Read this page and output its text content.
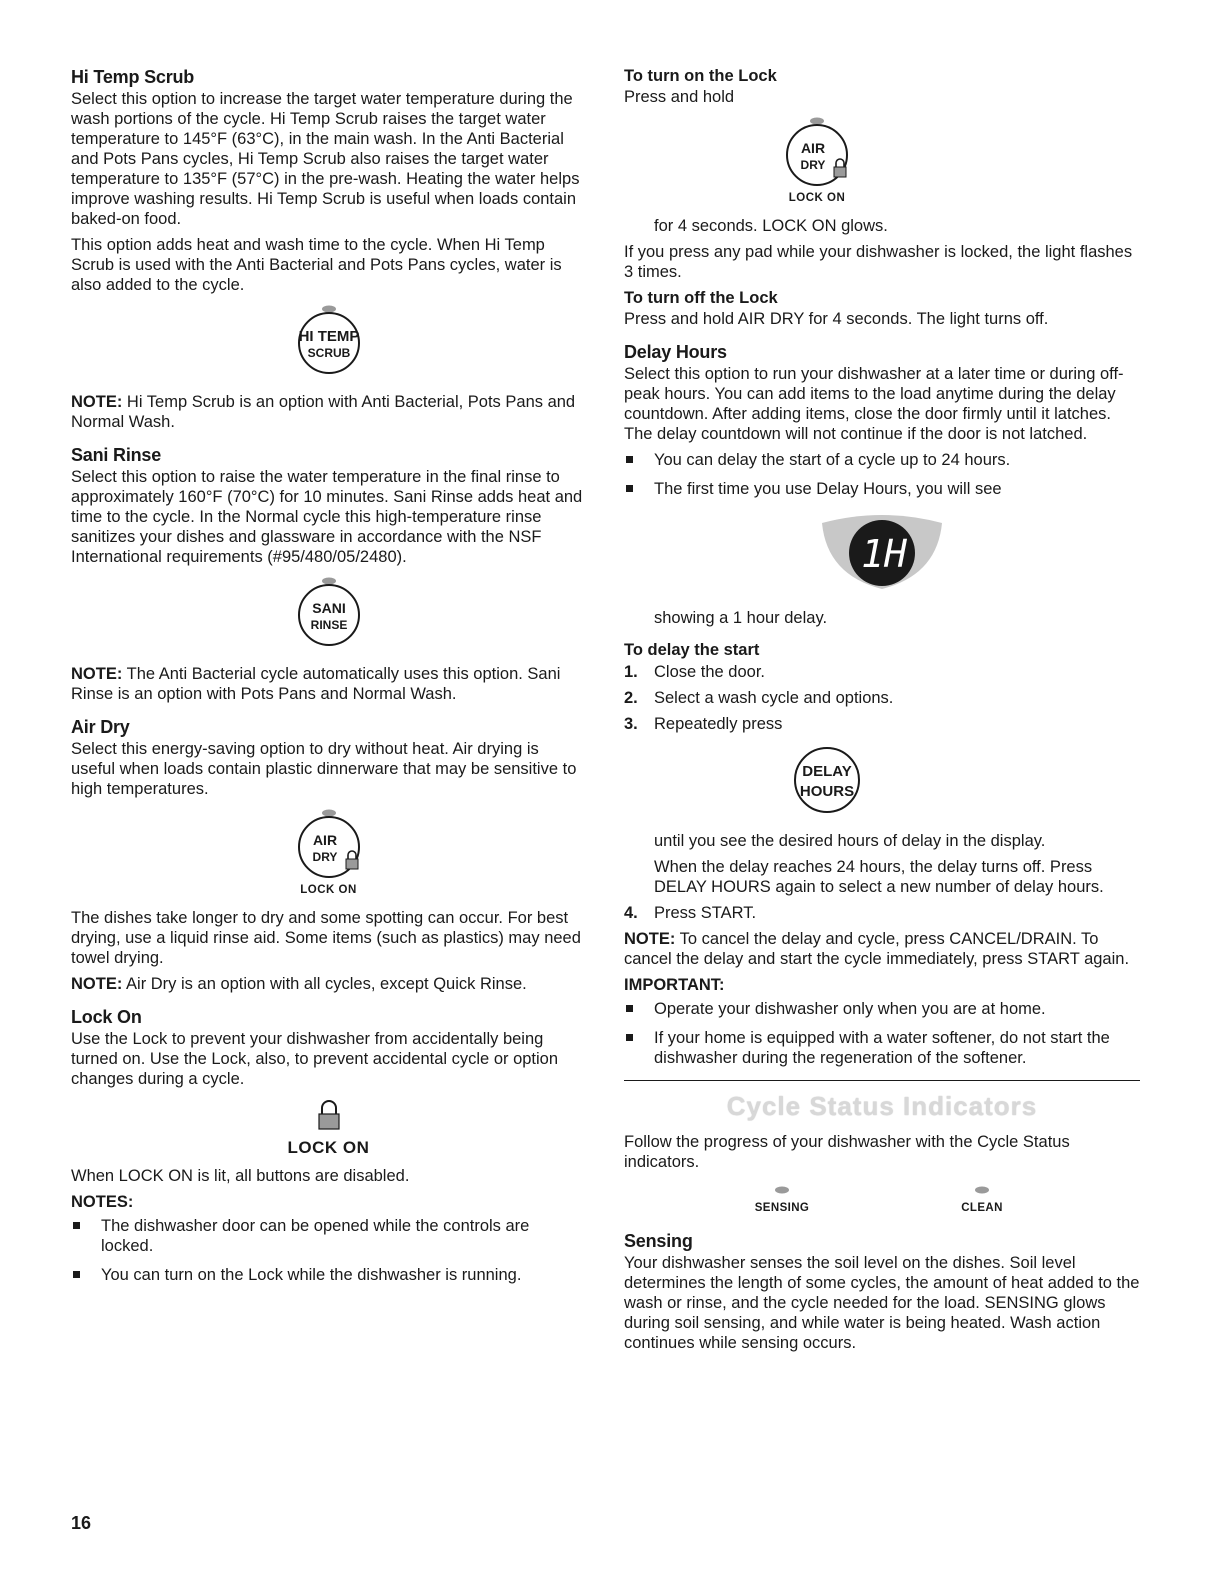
Hi Temp Scrub

Select this option to increase the target water temperature during the wash portions of the cycle. Hi Temp Scrub raises the target water temperature to 145°F (63°C), in the main wash. In the Anti Bacterial and Pots Pans cycles, Hi Temp Scrub also raises the target water temperature to 135°F (57°C) in the pre-wash. Heating the water helps improve washing results. Hi Temp Scrub is useful when loads contain baked-on food.

This option adds heat and wash time to the cycle. When Hi Temp Scrub is used with the Anti Bacterial and Pots Pans cycles, water is also added to the cycle.

HI TEMP
SCRUB

NOTE: Hi Temp Scrub is an option with Anti Bacterial, Pots Pans and Normal Wash.

Sani Rinse

Select this option to raise the water temperature in the final rinse to approximately 160°F (70°C) for 10 minutes. Sani Rinse adds heat and time to the cycle. In the Normal cycle this high-temperature rinse sanitizes your dishes and glassware in accordance with the NSF International requirements (#95/480/05/2480).

SANI
RINSE

NOTE: The Anti Bacterial cycle automatically uses this option. Sani Rinse is an option with Pots Pans and Normal Wash.

Air Dry

Select this energy-saving option to dry without heat. Air drying is useful when loads contain plastic dinnerware that may be sensitive to high temperatures.

AIR
DRY
LOCK ON

The dishes take longer to dry and some spotting can occur. For best drying, use a liquid rinse aid. Some items (such as plastics) may need towel drying.

NOTE: Air Dry is an option with all cycles, except Quick Rinse.

Lock On

Use the Lock to prevent your dishwasher from accidentally being turned on. Use the Lock, also, to prevent accidental cycle or option changes during a cycle.

LOCK ON

When LOCK ON is lit, all buttons are disabled.

NOTES:
The dishwasher door can be opened while the controls are locked.
You can turn on the Lock while the dishwasher is running.
To turn on the Lock

Press and hold

AIR
DRY
LOCK ON

for 4 seconds. LOCK ON glows.

If you press any pad while your dishwasher is locked, the light flashes 3 times.

To turn off the Lock

Press and hold AIR DRY for 4 seconds. The light turns off.

Delay Hours

Select this option to run your dishwasher at a later time or during off-peak hours. You can add items to the load anytime during the delay countdown. After adding items, close the door firmly until it latches. The delay countdown will not continue if the door is not latched.

You can delay the start of a cycle up to 24 hours.
The first time you use Delay Hours, you will see
1H

showing a 1 hour delay.

To delay the start
1. Close the door.
2. Select a wash cycle and options.
3. Repeatedly press
DELAY
HOURS

until you see the desired hours of delay in the display.

When the delay reaches 24 hours, the delay turns off. Press DELAY HOURS again to select a new number of delay hours.

4. Press START.

NOTE: To cancel the delay and cycle, press CANCEL/DRAIN. To cancel the delay and start the cycle immediately, press START again.

IMPORTANT:
Operate your dishwasher only when you are at home.
If your home is equipped with a water softener, do not start the dishwasher during the regeneration of the softener.
Cycle Status Indicators

Follow the progress of your dishwasher with the Cycle Status indicators.

SENSING	CLEAN
Sensing

Your dishwasher senses the soil level on the dishes. Soil level determines the length of some cycles, the amount of heat added to the wash or rinse, and the cycle needed for the load. SENSING glows during soil sensing, and while water is being heated. Wash action continues while sensing occurs.

16
